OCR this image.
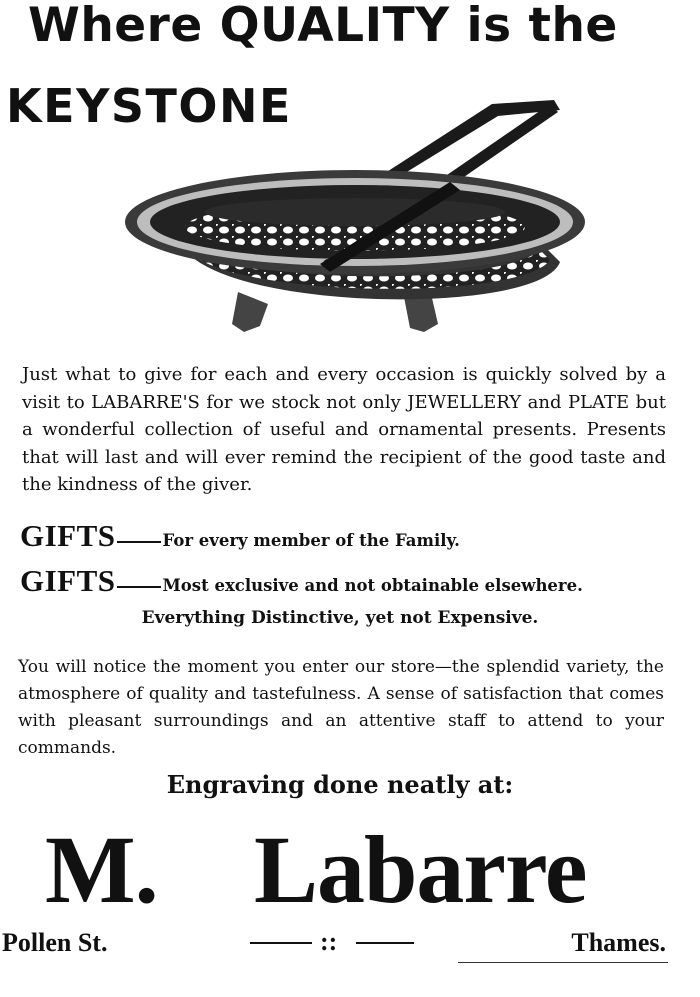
Where QUALITY is the
KEYSTONE

Just what to give for each and every occasion is quickly solved by a visit to LABARRE'S for we stock not only JEWELLERY and PLATE but a wonderful collection of useful and ornamental presents. Presents that will last and will ever remind the recipient of the good taste and the kindness of the giver.

GIFTS	For every member of the Family.
GIFTS	Most exclusive and not obtainable elsewhere.

Everything Distinctive, yet not Expensive.

You will notice the moment you enter our store—the splendid variety, the atmosphere of quality and tastefulness. A sense of satisfaction that comes with pleasant surroundings and an attentive staff to attend to your commands.

Engraving done neatly at:

M. Labarre

Pollen St.	::	Thames.
